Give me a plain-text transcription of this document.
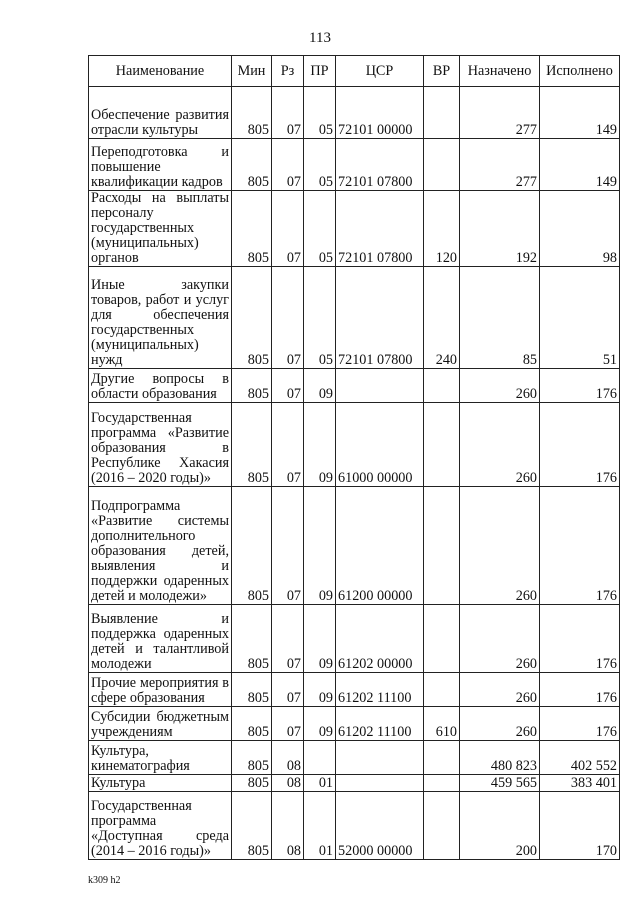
113
Наименование	Мин	Рз	ПР	ЦСР	ВР	Назначено	Исполнено
Обеспечение развития отрасли культуры	805	07	05	72101 00000		277	149
Переподготовка и повышение квалификации кадров	805	07	05	72101 07800		277	149
Расходы на выплаты персоналу государственных (муниципальных) органов	805	07	05	72101 07800	120	192	98
Иные закупки товаров, работ и услуг для обеспечения государственных (муниципальных) нужд	805	07	05	72101 07800	240	85	51
Другие вопросы в области образования	805	07	09			260	176
Государственная программа «Развитие образования в Республике Хакасия (2016 – 2020 годы)»	805	07	09	61000 00000		260	176
Подпрограмма «Развитие системы дополнительного образования детей, выявления и поддержки одаренных детей и молодежи»	805	07	09	61200 00000		260	176
Выявление и поддержка одаренных детей и талантливой молодежи	805	07	09	61202 00000		260	176
Прочие мероприятия в сфере образования	805	07	09	61202 11100		260	176
Субсидии бюджетным учреждениям	805	07	09	61202 11100	610	260	176
Культура, кинематография	805	08				480 823	402 552
Культура	805	08	01			459 565	383 401
Государственная программа «Доступная среда (2014 – 2016 годы)»	805	08	01	52000 00000		200	170
k309 h2
